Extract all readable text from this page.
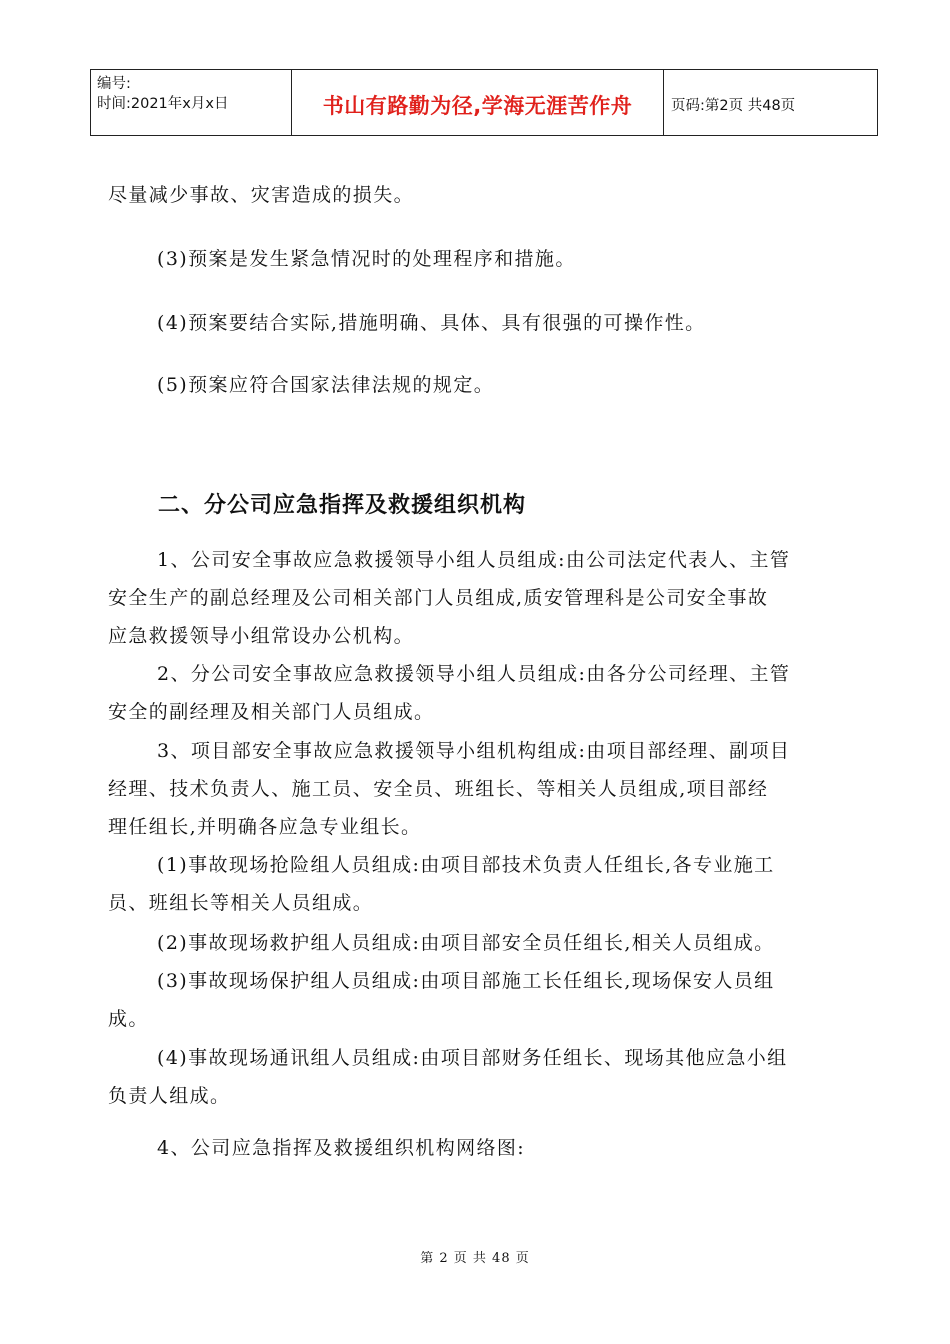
编号:
时间:2021年x月x日	书山有路勤为径,学海无涯苦作舟	页码:第2页 共48页
尽量减少事故、灾害造成的损失。
(3)预案是发生紧急情况时的处理程序和措施。
(4)预案要结合实际,措施明确、具体、具有很强的可操作性。
(5)预案应符合国家法律法规的规定。
二、分公司应急指挥及救援组织机构
1、公司安全事故应急救援领导小组人员组成:由公司法定代表人、主管
安全生产的副总经理及公司相关部门人员组成,质安管理科是公司安全事故
应急救援领导小组常设办公机构。
2、分公司安全事故应急救援领导小组人员组成:由各分公司经理、主管
安全的副经理及相关部门人员组成。
3、项目部安全事故应急救援领导小组机构组成:由项目部经理、副项目
经理、技术负责人、施工员、安全员、班组长、等相关人员组成,项目部经
理任组长,并明确各应急专业组长。
(1)事故现场抢险组人员组成:由项目部技术负责人任组长,各专业施工
员、班组长等相关人员组成。
(2)事故现场救护组人员组成:由项目部安全员任组长,相关人员组成。
(3)事故现场保护组人员组成:由项目部施工长任组长,现场保安人员组
成。
(4)事故现场通讯组人员组成:由项目部财务任组长、现场其他应急小组
负责人组成。
4、公司应急指挥及救援组织机构网络图:
第 2 页 共 48 页
